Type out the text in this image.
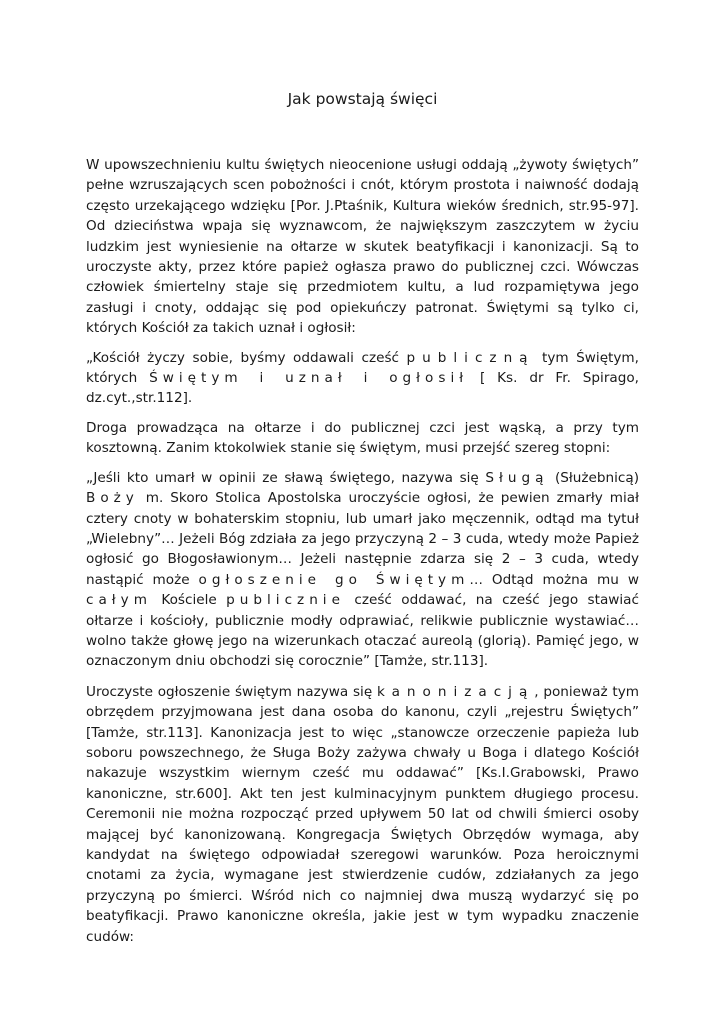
Jak powstają święci

W upowszechnieniu kultu świętych nieocenione usługi oddają „żywoty świętych” pełne wzruszających scen pobożności i cnót, którym prostota i naiwność dodają często urzekającego wdzięku [Por. J.Ptaśnik, Kultura wieków średnich, str.95-97]. Od dzieciństwa wpaja się wyznawcom, że największym zaszczytem w życiu ludzkim jest wyniesienie na ołtarze w skutek beatyfikacji i kanonizacji. Są to uroczyste akty, przez które papież ogłasza prawo do publicznej czci. Wówczas człowiek śmiertelny staje się przedmiotem kultu, a lud rozpamiętywa jego zasługi i cnoty, oddając się pod opiekuńczy patronat. Świętymi są tylko ci, których Kościół za takich uznał i ogłosił:

„Kościół życzy sobie, byśmy oddawali cześć publiczną tym Świętym, których Świętym i uznał i ogłosił [ Ks. dr Fr. Spirago, dz.cyt.,str.112].

Droga prowadząca na ołtarze i do publicznej czci jest wąską, a przy tym kosztowną. Zanim ktokolwiek stanie się świętym, musi przejść szereg stopni:

„Jeśli kto umarł w opinii ze sławą świętego, nazywa się Sługą (Służebnicą) Boży m. Skoro Stolica Apostolska uroczyście ogłosi, że pewien zmarły miał cztery cnoty w bohaterskim stopniu, lub umarł jako męczennik, odtąd ma tytuł „Wielebny”… Jeżeli Bóg zdziała za jego przyczyną 2 – 3 cuda, wtedy może Papież ogłosić go Błogosławionym… Jeżeli następnie zdarza się 2 – 3 cuda, wtedy nastąpić może ogłoszenie go Świętym… Odtąd można mu w całym Kościele publicznie cześć oddawać, na cześć jego stawiać ołtarze i kościoły, publicznie modły odprawiać, relikwie publicznie wystawiać… wolno także głowę jego na wizerunkach otaczać aureolą (glorią). Pamięć jego, w oznaczonym dniu obchodzi się corocznie” [Tamże, str.113].

Uroczyste ogłoszenie świętym nazywa się kanonizacją, ponieważ tym obrzędem przyjmowana jest dana osoba do kanonu, czyli „rejestru Świętych” [Tamże, str.113]. Kanonizacja jest to więc „stanowcze orzeczenie papieża lub soboru powszechnego, że Sługa Boży zażywa chwały u Boga i dlatego Kościół nakazuje wszystkim wiernym cześć mu oddawać” [Ks.I.Grabowski, Prawo kanoniczne, str.600]. Akt ten jest kulminacyjnym punktem długiego procesu. Ceremonii nie można rozpocząć przed upływem 50 lat od chwili śmierci osoby mającej być kanonizowaną. Kongregacja Świętych Obrzędów wymaga, aby kandydat na świętego odpowiadał szeregowi warunków. Poza heroicznymi cnotami za życia, wymagane jest stwierdzenie cudów, zdziałanych za jego przyczyną po śmierci. Wśród nich co najmniej dwa muszą wydarzyć się po beatyfikacji. Prawo kanoniczne określa, jakie jest w tym wypadku znaczenie cudów:
